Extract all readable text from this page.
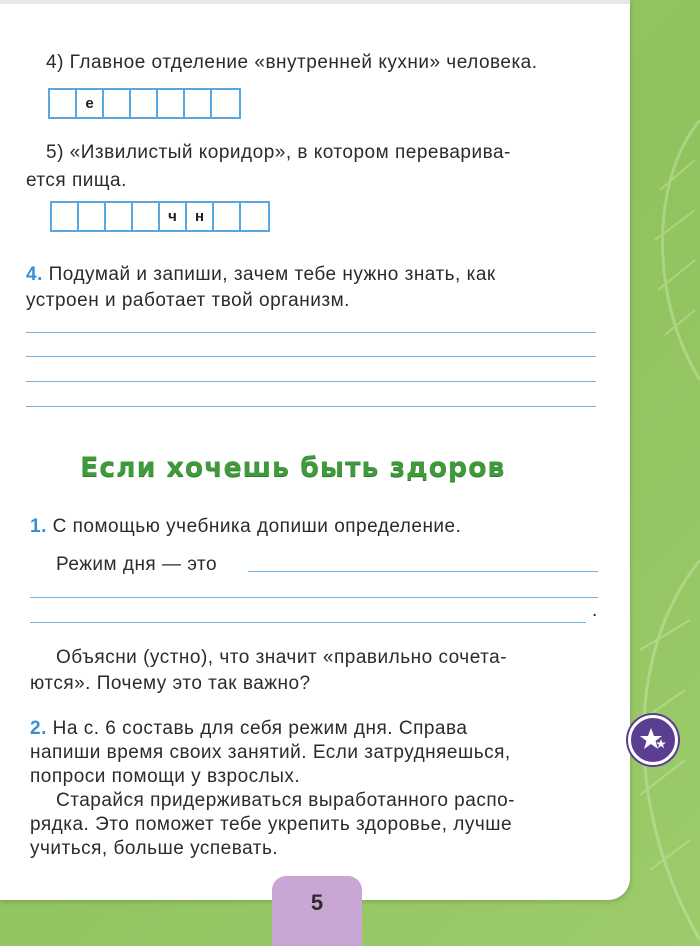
4) Главное отделение «внутренней кухни» человека.
е
5) «Извилистый коридор», в котором переварива-
ется пища.
ч	н
4. Подумай и запиши, зачем тебе нужно знать, как
устроен и работает твой организм.
Если хочешь быть здоров
1. С помощью учебника допиши определение.
Режим дня — это
.
Объясни (устно), что значит «правильно сочета-
ются». Почему это так важно?
2. На с. 6 составь для себя режим дня. Справа
напиши время своих занятий. Если затрудняешься,
попроси помощи у взрослых.
Старайся придерживаться выработанного распо-
рядка. Это поможет тебе укрепить здоровье, лучше
учиться, больше успевать.
5
